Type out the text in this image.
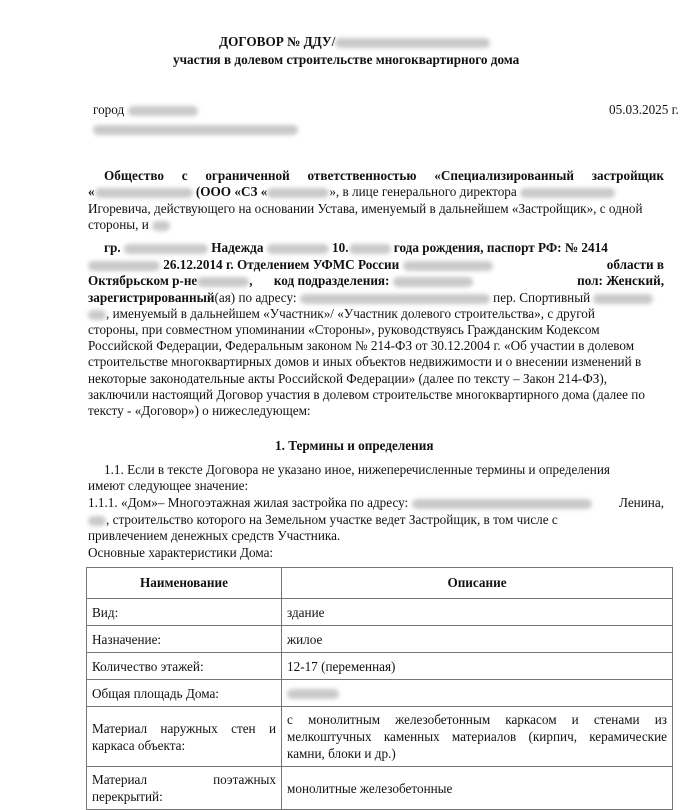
ДОГОВОР № ДДУ/
участия в долевом строительстве многоквартирного дома
город	05.03.2025 г.
Общество с ограниченной ответственностью «Специализированный застройщик
«	(ООО «СЗ «	», в лице генерального директора
Игоревича, действующего на основании Устава, именуемый в дальнейшем «Застройщик», с одной
стороны, и
гр.	Надежда	10.	года рождения, паспорт РФ: № 2414
26.12.2014 г. Отделением УФМС России	области в
Октябрьском р-не	, код подразделения:	пол: Женский,
зарегистрированный(ая) по адресу:	пер. Спортивный
, именуемый в дальнейшем «Участник»/ «Участник долевого строительства», с другой
стороны, при совместном упоминании «Стороны», руководствуясь Гражданским Кодексом
Российской Федерации, Федеральным законом № 214-ФЗ от 30.12.2004 г. «Об участии в долевом
строительстве многоквартирных домов и иных объектов недвижимости и о внесении изменений в
некоторые законодательные акты Российской Федерации» (далее по тексту – Закон 214-ФЗ),
заключили настоящий Договор участия в долевом строительстве многоквартирного дома (далее по
тексту - «Договор») о нижеследующем:
1. Термины и определения
1.1. Если в тексте Договора не указано иное, нижеперечисленные термины и определения
имеют следующее значение:
1.1.1. «Дом»– Многоэтажная жилая застройка по адресу:	Ленина,
, строительство которого на Земельном участке ведет Застройщик, в том числе с
привлечением денежных средств Участника.
Основные характеристики Дома:
Наименование	Описание
Вид:	здание
Назначение:	жилое
Количество этажей:	12-17 (переменная)
Общая площадь Дома:	
Материал наружных стен и каркаса объекта:	с монолитным железобетонным каркасом и стенами из мелкоштучных каменных материалов (кирпич, керамические камни, блоки и др.)
Материал поэтажных перекрытий:	монолитные железобетонные
